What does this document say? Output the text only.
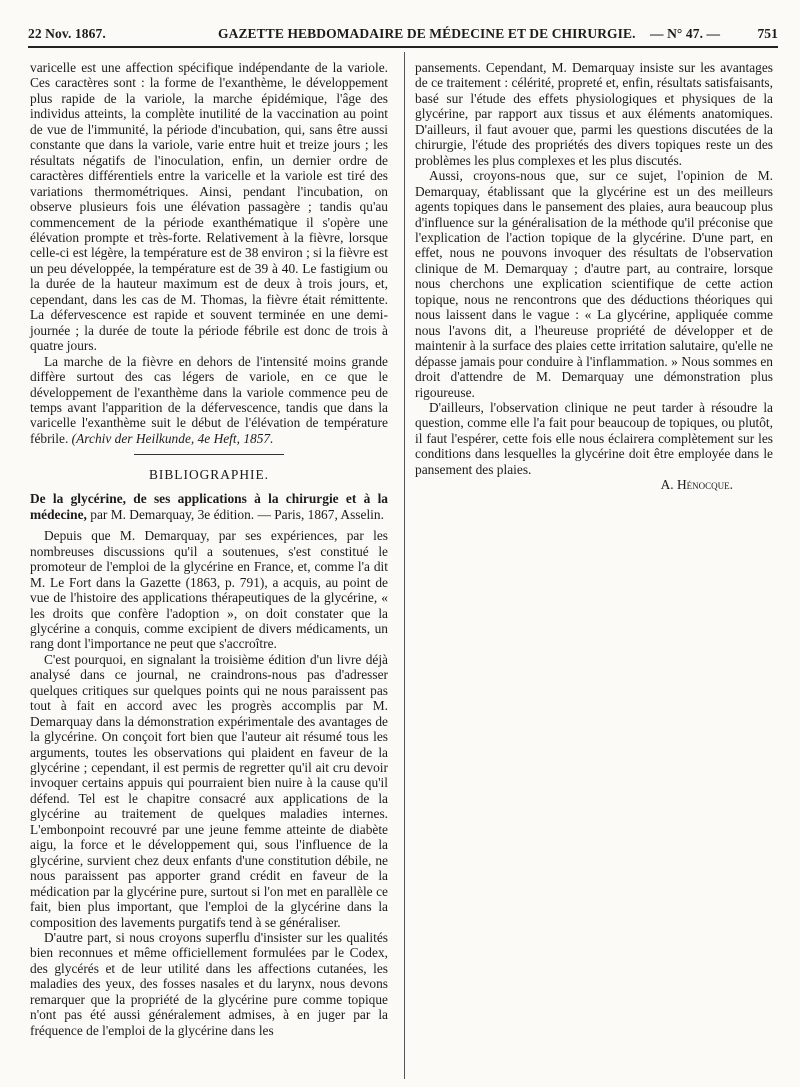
22 Nov. 1867.	GAZETTE HEBDOMADAIRE DE MÉDECINE ET DE CHIRURGIE. — N° 47. —	751

varicelle est une affection spécifique indépendante de la variole. Ces caractères sont : la forme de l'exanthème, le développement plus rapide de la variole, la marche épidémique, l'âge des individus atteints, la complète inutilité de la vaccination au point de vue de l'immunité, la période d'incubation, qui, sans être aussi constante que dans la variole, varie entre huit et treize jours ; les résultats négatifs de l'inoculation, enfin, un dernier ordre de caractères différentiels entre la varicelle et la variole est tiré des variations thermométriques. Ainsi, pendant l'incubation, on observe plusieurs fois une élévation passagère ; tandis qu'au commencement de la période exanthématique il s'opère une élévation prompte et très-forte. Relativement à la fièvre, lorsque celle-ci est légère, la température est de 38 environ ; si la fièvre est un peu développée, la température est de 39 à 40. Le fastigium ou la durée de la hauteur maximum est de deux à trois jours, et, cependant, dans les cas de M. Thomas, la fièvre était rémittente. La défervescence est rapide et souvent terminée en une demi-journée ; la durée de toute la période fébrile est donc de trois à quatre jours.

La marche de la fièvre en dehors de l'intensité moins grande diffère surtout des cas légers de variole, en ce que le développement de l'exanthème dans la variole commence peu de temps avant l'apparition de la défervescence, tandis que dans la varicelle l'exanthème suit le début de l'élévation de température fébrile. (Archiv der Heilkunde, 4e Heft, 1857.

BIBLIOGRAPHIE.

De la glycérine, de ses applications à la chirurgie et à la médecine, par M. Demarquay, 3e édition. — Paris, 1867, Asselin.

Depuis que M. Demarquay, par ses expériences, par les nombreuses discussions qu'il a soutenues, s'est constitué le promoteur de l'emploi de la glycérine en France, et, comme l'a dit M. Le Fort dans la Gazette (1863, p. 791), a acquis, au point de vue de l'histoire des applications thérapeutiques de la glycérine, « les droits que confère l'adoption », on doit constater que la glycérine a conquis, comme excipient de divers médicaments, un rang dont l'importance ne peut que s'accroître.

C'est pourquoi, en signalant la troisième édition d'un livre déjà analysé dans ce journal, ne craindrons-nous pas d'adresser quelques critiques sur quelques points qui ne nous paraissent pas tout à fait en accord avec les progrès accomplis par M. Demarquay dans la démonstration expérimentale des avantages de la glycérine. On conçoit fort bien que l'auteur ait résumé tous les arguments, toutes les observations qui plaident en faveur de la glycérine ; cependant, il est permis de regretter qu'il ait cru devoir invoquer certains appuis qui pourraient bien nuire à la cause qu'il défend. Tel est le chapitre consacré aux applications de la glycérine au traitement de quelques maladies internes. L'embonpoint recouvré par une jeune femme atteinte de diabète aigu, la force et le développement qui, sous l'influence de la glycérine, survient chez deux enfants d'une constitution débile, ne nous paraissent pas apporter grand crédit en faveur de la médication par la glycérine pure, surtout si l'on met en parallèle ce fait, bien plus important, que l'emploi de la glycérine dans la composition des lavements purgatifs tend à se généraliser.

D'autre part, si nous croyons superflu d'insister sur les qualités bien reconnues et même officiellement formulées par le Codex, des glycérés et de leur utilité dans les affections cutanées, les maladies des yeux, des fosses nasales et du larynx, nous devons remarquer que la propriété de la glycérine pure comme topique n'ont pas été aussi généralement admises, à en juger par la fréquence de l'emploi de la glycérine dans les

pansements. Cependant, M. Demarquay insiste sur les avantages de ce traitement : célérité, propreté et, enfin, résultats satisfaisants, basé sur l'étude des effets physiologiques et physiques de la glycérine, par rapport aux tissus et aux éléments anatomiques. D'ailleurs, il faut avouer que, parmi les questions discutées de la chirurgie, l'étude des propriétés des divers topiques reste un des problèmes les plus complexes et les plus discutés.

Aussi, croyons-nous que, sur ce sujet, l'opinion de M. Demarquay, établissant que la glycérine est un des meilleurs agents topiques dans le pansement des plaies, aura beaucoup plus d'influence sur la généralisation de la méthode qu'il préconise que l'explication de l'action topique de la glycérine. D'une part, en effet, nous ne pouvons invoquer des résultats de l'observation clinique de M. Demarquay ; d'autre part, au contraire, lorsque nous cherchons une explication scientifique de cette action topique, nous ne rencontrons que des déductions théoriques qui nous laissent dans le vague : « La glycérine, appliquée comme nous l'avons dit, a l'heureuse propriété de développer et de maintenir à la surface des plaies cette irritation salutaire, qu'elle ne dépasse jamais pour conduire à l'inflammation. » Nous sommes en droit d'attendre de M. Demarquay une démonstration plus rigoureuse.

D'ailleurs, l'observation clinique ne peut tarder à résoudre la question, comme elle l'a fait pour beaucoup de topiques, ou plutôt, il faut l'espérer, cette fois elle nous éclairera complètement sur les conditions dans lesquelles la glycérine doit être employée dans le pansement des plaies.

A. Hénocque.
